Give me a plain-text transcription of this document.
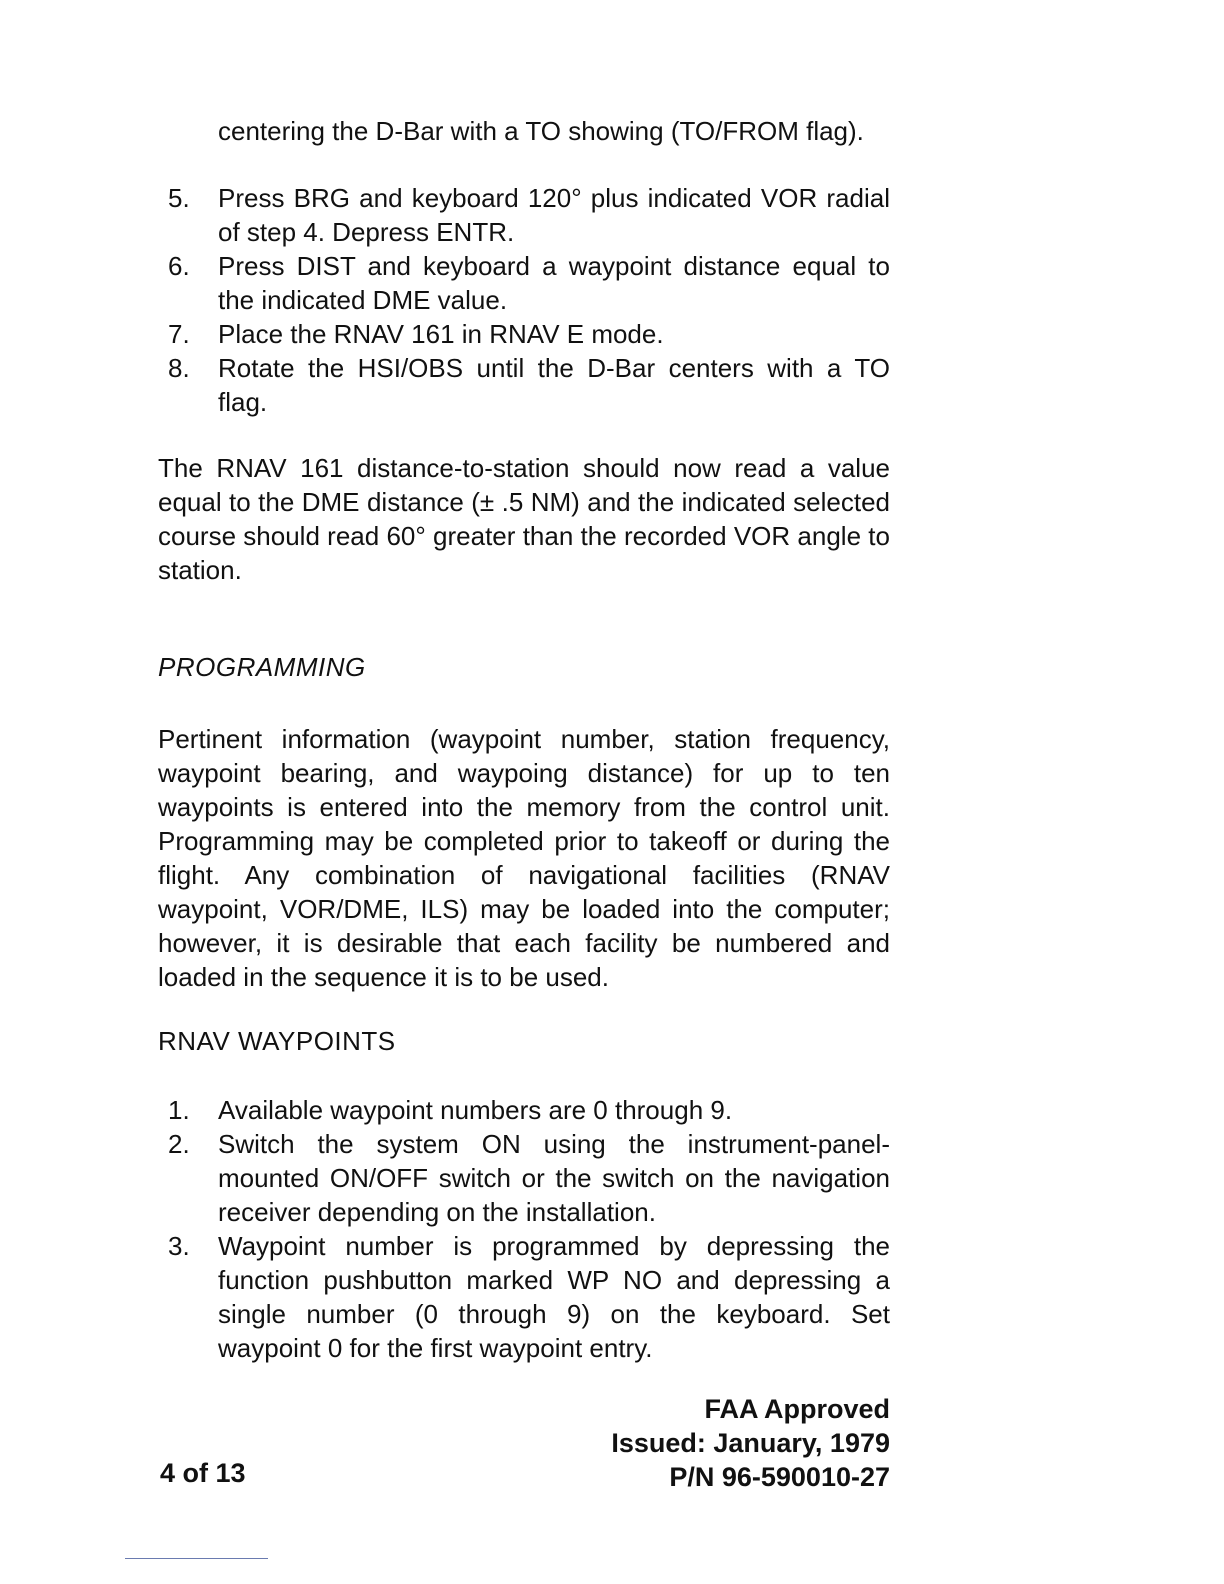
centering the D-Bar with a TO showing (TO/FROM flag).
5. Press BRG and keyboard 120° plus indicated VOR radial of step 4. Depress ENTR.
6. Press DIST and keyboard a waypoint distance equal to the indicated DME value.
7. Place the RNAV 161 in RNAV E mode.
8. Rotate the HSI/OBS until the D-Bar centers with a TO flag.
The RNAV 161 distance-to-station should now read a value equal to the DME distance (± .5 NM) and the indicated selected course should read 60° greater than the recorded VOR angle to station.
PROGRAMMING
Pertinent information (waypoint number, station frequency, waypoint bearing, and waypoing distance) for up to ten waypoints is entered into the memory from the control unit. Programming may be completed prior to takeoff or during the flight. Any combination of navigational facilities (RNAV waypoint, VOR/DME, ILS) may be loaded into the computer; however, it is desirable that each facility be numbered and loaded in the sequence it is to be used.
RNAV WAYPOINTS
1. Available waypoint numbers are 0 through 9.
2. Switch the system ON using the instrument-panel-mounted ON/OFF switch or the switch on the navigation receiver depending on the installation.
3. Waypoint number is programmed by depressing the function pushbutton marked WP NO and depressing a single number (0 through 9) on the keyboard. Set waypoint 0 for the first waypoint entry.
FAA Approved
Issued: January, 1979
P/N 96-590010-27
4 of 13
